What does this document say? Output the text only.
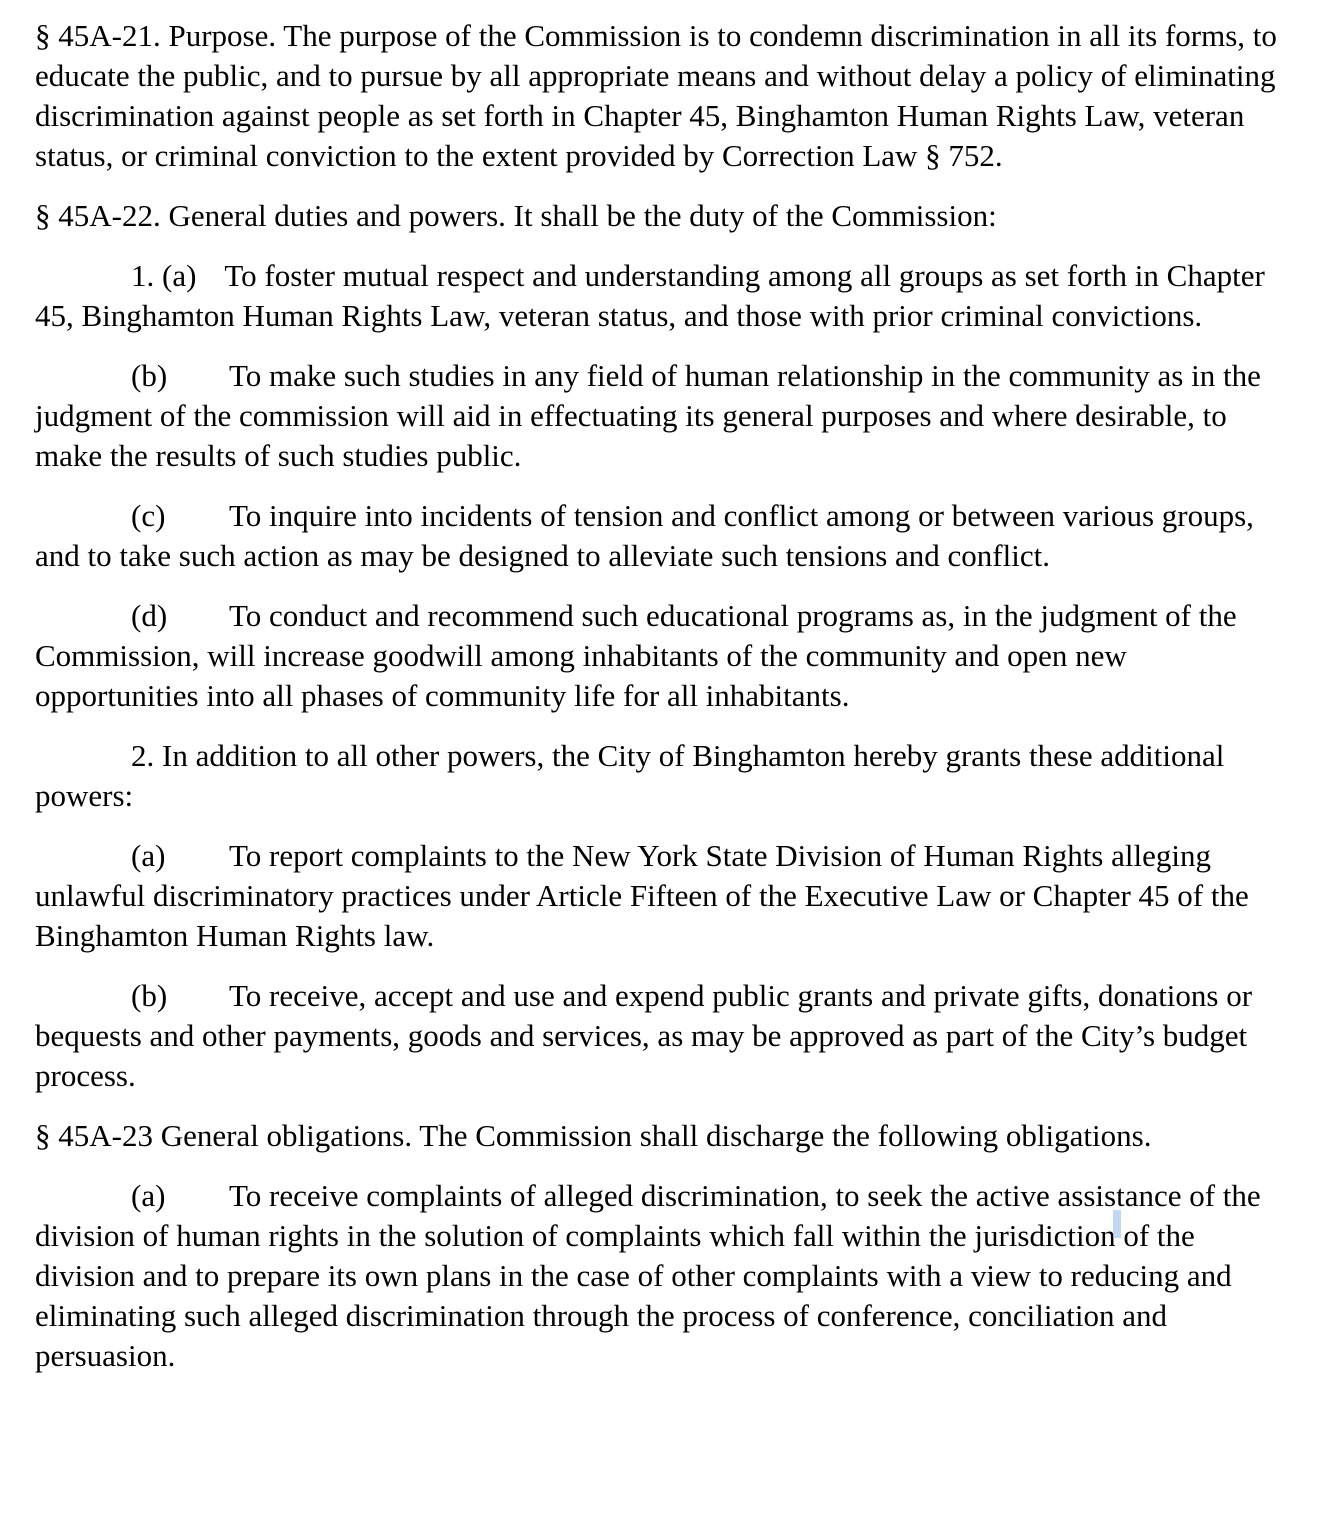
§ 45A-21. Purpose. The purpose of the Commission is to condemn discrimination in all its forms, to educate the public, and to pursue by all appropriate means and without delay a policy of eliminating discrimination against people as set forth in Chapter 45, Binghamton Human Rights Law, veteran status, or criminal conviction to the extent provided by Correction Law § 752.

§ 45A-22. General duties and powers. It shall be the duty of the Commission:

1. (a) To foster mutual respect and understanding among all groups as set forth in Chapter 45, Binghamton Human Rights Law, veteran status, and those with prior criminal convictions.

(b) To make such studies in any field of human relationship in the community as in the judgment of the commission will aid in effectuating its general purposes and where desirable, to make the results of such studies public.

(c) To inquire into incidents of tension and conflict among or between various groups, and to take such action as may be designed to alleviate such tensions and conflict.

(d) To conduct and recommend such educational programs as, in the judgment of the Commission, will increase goodwill among inhabitants of the community and open new opportunities into all phases of community life for all inhabitants.

2. In addition to all other powers, the City of Binghamton hereby grants these additional powers:

(a) To report complaints to the New York State Division of Human Rights alleging unlawful discriminatory practices under Article Fifteen of the Executive Law or Chapter 45 of the Binghamton Human Rights law.

(b) To receive, accept and use and expend public grants and private gifts, donations or bequests and other payments, goods and services, as may be approved as part of the City’s budget process.

§ 45A-23 General obligations. The Commission shall discharge the following obligations.

(a) To receive complaints of alleged discrimination, to seek the active assistance of the division of human rights in the solution of complaints which fall within the jurisdiction of the division and to prepare its own plans in the case of other complaints with a view to reducing and eliminating such alleged discrimination through the process of conference, conciliation and persuasion.
